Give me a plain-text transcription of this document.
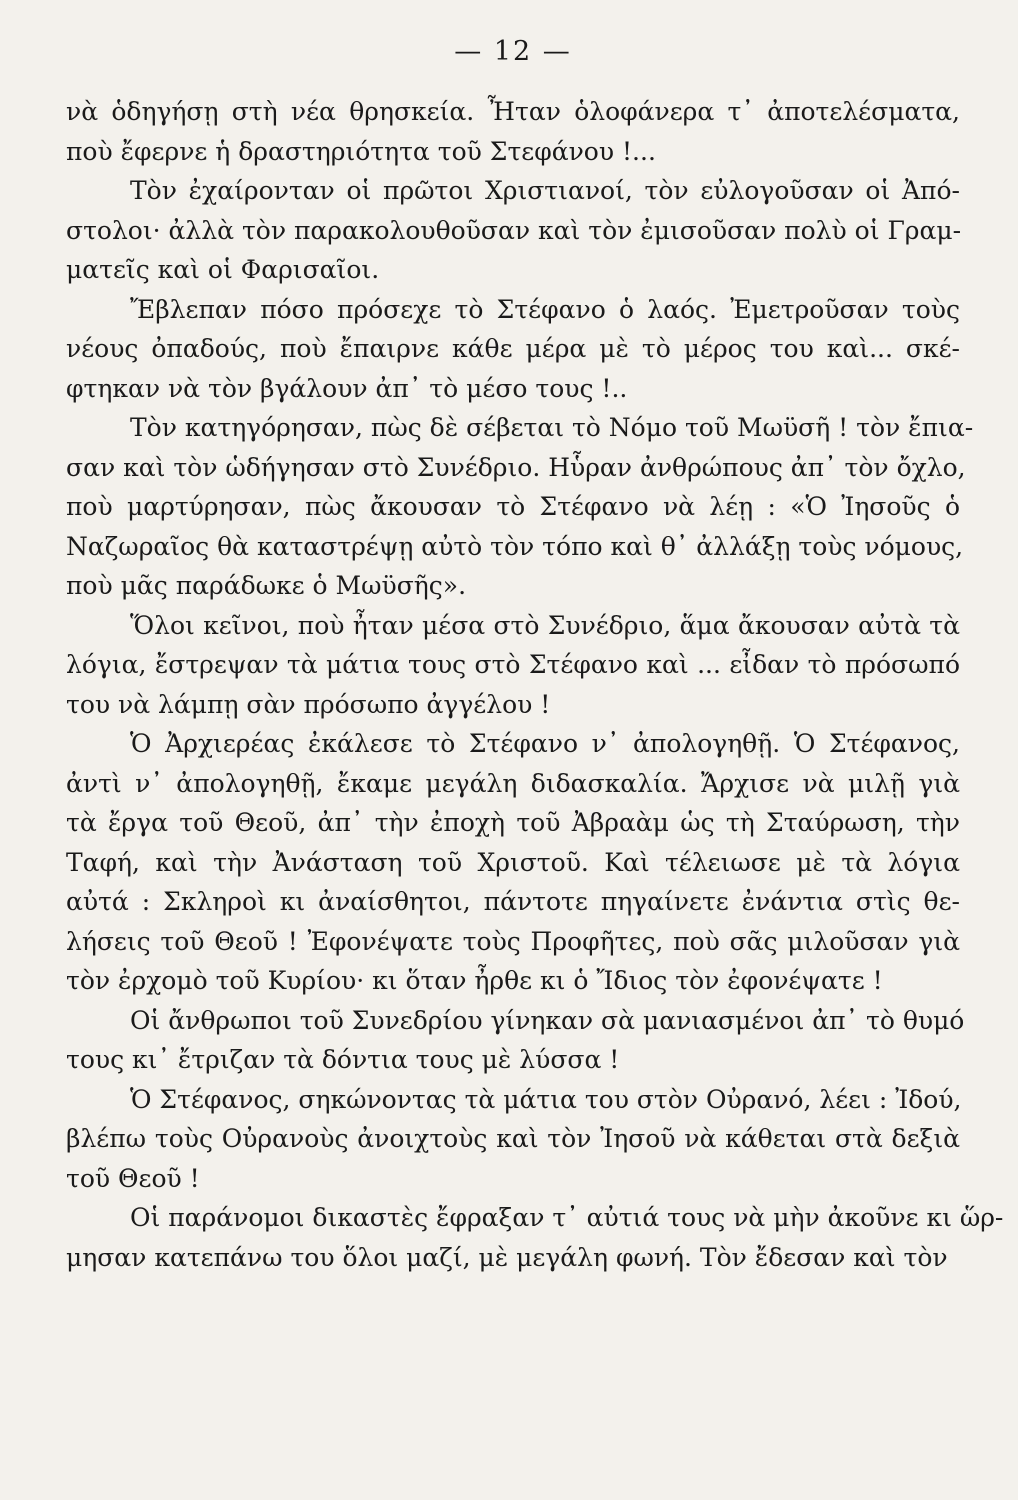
— 12 —

νὰ ὁδηγήσῃ στὴ νέα θρησκεία. Ἦταν ὁλοφάνερα τ᾽ ἀποτελέσματα,
ποὺ ἔφερνε ἡ δραστηριότητα τοῦ Στεφάνου !...

Τὸν ἐχαίρονταν οἱ πρῶτοι Χριστιανοί, τὸν εὐλογοῦσαν οἱ Ἀπό-
στολοι· ἀλλὰ τὸν παρακολουθοῦσαν καὶ τὸν ἐμισοῦσαν πολὺ οἱ Γραμ-
ματεῖς καὶ οἱ Φαρισαῖοι.

Ἔβλεπαν πόσο πρόσεχε τὸ Στέφανο ὁ λαός. Ἐμετροῦσαν τοὺς
νέους ὀπαδούς, ποὺ ἔπαιρνε κάθε μέρα μὲ τὸ μέρος του καὶ... σκέ-
φτηκαν νὰ τὸν βγάλουν ἀπ᾽ τὸ μέσο τους !..

Τὸν κατηγόρησαν, πὼς δὲ σέβεται τὸ Νόμο τοῦ Μωϋσῆ ! τὸν ἔπια-
σαν καὶ τὸν ὡδήγησαν στὸ Συνέδριο. Ηὗραν ἀνθρώπους ἀπ᾽ τὸν ὄχλο,
ποὺ μαρτύρησαν, πὼς ἄκουσαν τὸ Στέφανο νὰ λέῃ : «Ὁ Ἰησοῦς ὁ
Ναζωραῖος θὰ καταστρέψῃ αὐτὸ τὸν τόπο καὶ θ᾽ ἀλλάξῃ τοὺς νόμους,
ποὺ μᾶς παράδωκε ὁ Μωϋσῆς».

Ὅλοι κεῖνοι, ποὺ ἦταν μέσα στὸ Συνέδριο, ἅμα ἄκουσαν αὐτὰ τὰ
λόγια, ἔστρεψαν τὰ μάτια τους στὸ Στέφανο καὶ ... εἶδαν τὸ πρόσωπό
του νὰ λάμπῃ σὰν πρόσωπο ἀγγέλου !

Ὁ Ἀρχιερέας ἐκάλεσε τὸ Στέφανο ν᾽ ἀπολογηθῇ. Ὁ Στέφανος,
ἀντὶ ν᾽ ἀπολογηθῇ, ἔκαμε μεγάλη διδασκαλία. Ἄρχισε νὰ μιλῇ γιὰ
τὰ ἔργα τοῦ Θεοῦ, ἀπ᾽ τὴν ἐποχὴ τοῦ Ἀβραὰμ ὡς τὴ Σταύρωση, τὴν
Ταφή, καὶ τὴν Ἀνάσταση τοῦ Χριστοῦ. Καὶ τέλειωσε μὲ τὰ λόγια
αὐτά : Σκληροὶ κι ἀναίσθητοι, πάντοτε πηγαίνετε ἐνάντια στὶς θε-
λήσεις τοῦ Θεοῦ ! Ἐφονέψατε τοὺς Προφῆτες, ποὺ σᾶς μιλοῦσαν γιὰ
τὸν ἐρχομὸ τοῦ Κυρίου· κι ὅταν ἦρθε κι ὁ Ἴδιος τὸν ἐφονέψατε !

Οἱ ἄνθρωποι τοῦ Συνεδρίου γίνηκαν σὰ μανιασμένοι ἀπ᾽ τὸ θυμό
τους κι᾽ ἔτριζαν τὰ δόντια τους μὲ λύσσα !

Ὁ Στέφανος, σηκώνοντας τὰ μάτια του στὸν Οὐρανό, λέει : Ἰδού,
βλέπω τοὺς Οὐρανοὺς ἀνοιχτοὺς καὶ τὸν Ἰησοῦ νὰ κάθεται στὰ δεξιὰ
τοῦ Θεοῦ !

Οἱ παράνομοι δικαστὲς ἔφραξαν τ᾽ αὐτιά τους νὰ μὴν ἀκοῦνε κι ὥρ-
μησαν κατεπάνω του ὅλοι μαζί, μὲ μεγάλη φωνή. Τὸν ἔδεσαν καὶ τὸν
